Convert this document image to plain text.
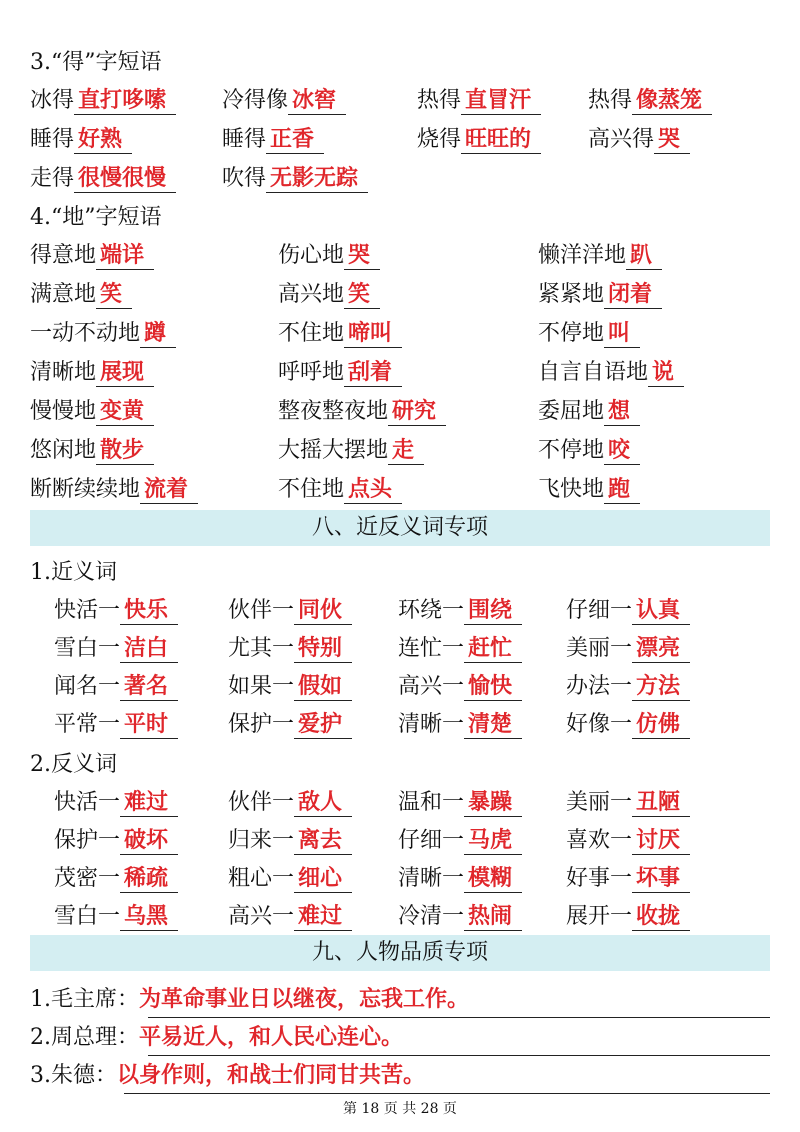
3.“得”字短语
冰得 直打哆嗦	冷得像 冰窖	热得 直冒汗	热得 像蒸笼
睡得 好熟	睡得 正香	烧得 旺旺的	高兴得 哭
走得 很慢很慢	吹得 无影无踪
4.“地”字短语
得意地 端详	伤心地 哭	懒洋洋地 趴
满意地 笑	高兴地 笑	紧紧地 闭着
一动不动地 蹲	不住地 啼叫	不停地 叫
清晰地 展现	呼呼地 刮着	自言自语地 说
慢慢地 变黄	整夜整夜地 研究	委屈地 想
悠闲地 散步	大摇大摆地 走	不停地 咬
断断续续地 流着	不住地 点头	飞快地 跑
八、近反义词专项
1.近义词
快活一 快乐	伙伴一 同伙	环绕一 围绕	仔细一 认真
雪白一 洁白	尤其一 特别	连忙一 赶忙	美丽一 漂亮
闻名一 著名	如果一 假如	高兴一 愉快	办法一 方法
平常一 平时	保护一 爱护	清晰一 清楚	好像一 仿佛
2.反义词
快活一 难过	伙伴一 敌人	温和一 暴躁	美丽一 丑陋
保护一 破坏	归来一 离去	仔细一 马虎	喜欢一 讨厌
茂密一 稀疏	粗心一 细心	清晰一 模糊	好事一 坏事
雪白一 乌黑	高兴一 难过	冷清一 热闹	展开一 收拢
九、人物品质专项
1.毛主席：为革命事业日以继夜，忘我工作。
2.周总理：平易近人，和人民心连心。
3.朱德：以身作则，和战士们同甘共苦。
第 18 页 共 28 页
